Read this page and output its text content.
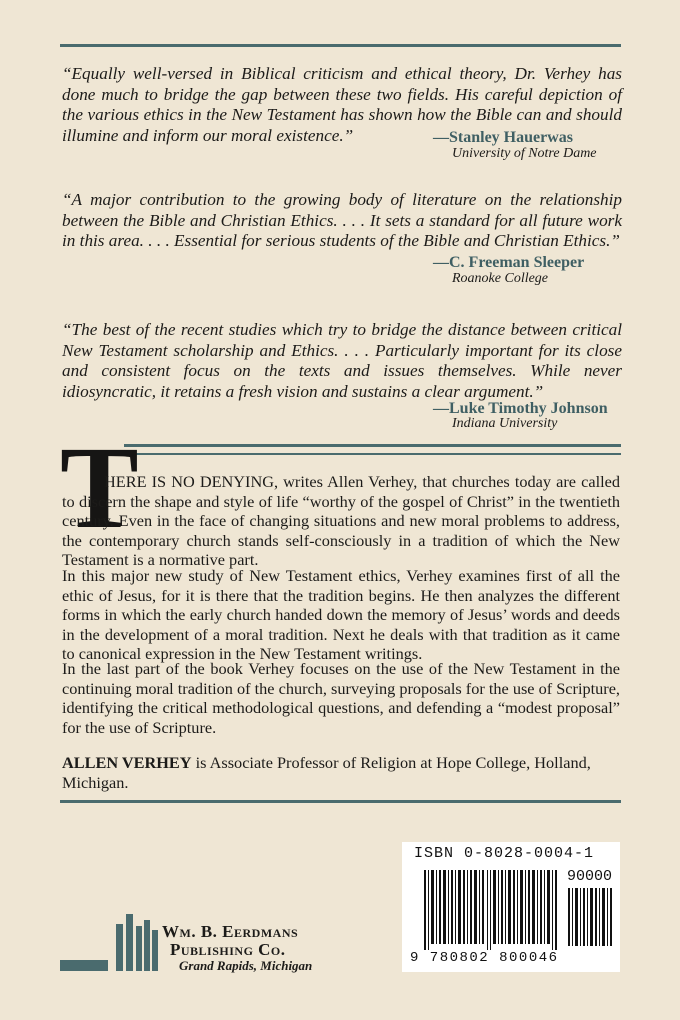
“Equally well-versed in Biblical criticism and ethical theory, Dr. Verhey has done much to bridge the gap between these two fields. His careful depiction of the various ethics in the New Testament has shown how the Bible can and should illumine and inform our moral existence.”	—Stanley Hauerwas
University of Notre Dame
“A major contribution to the growing body of literature on the relationship between the Bible and Christian Ethics. . . . It sets a standard for all future work in this area. . . . Essential for serious students of the Bible and Christian Ethics.”
—C. Freeman Sleeper
Roanoke College
“The best of the recent studies which try to bridge the distance between critical New Testament scholarship and Ethics. . . . Particularly important for its close and consistent focus on the texts and issues themselves. While never idiosyncratic, it retains a fresh vision and sustains a clear argument.”
—Luke Timothy Johnson
Indiana University
T

HERE IS NO DENYING, writes Allen Verhey, that churches today are called to discern the shape and style of life “worthy of the gospel of Christ” in the twentieth century. Even in the face of changing situations and new moral problems to address, the contemporary church stands self-consciously in a tradition of which the New Testament is a normative part.

In this major new study of New Testament ethics, Verhey examines first of all the ethic of Jesus, for it is there that the tradition begins. He then analyzes the different forms in which the early church handed down the memory of Jesus’ words and deeds in the development of a moral tradition. Next he deals with that tradition as it came to canonical expression in the New Testament writings.

In the last part of the book Verhey focuses on the use of the New Testament in the continuing moral tradition of the church, surveying proposals for the use of Scripture, identifying the critical methodological questions, and defending a “modest proposal” for the use of Scripture.

ALLEN VERHEY is Associate Professor of Religion at Hope College, Holland, Michigan.

ISBN 0-8028-0004-1
90000
9 780802 800046
Wm. B. Eerdmans
Publishing Co.
Grand Rapids, Michigan
